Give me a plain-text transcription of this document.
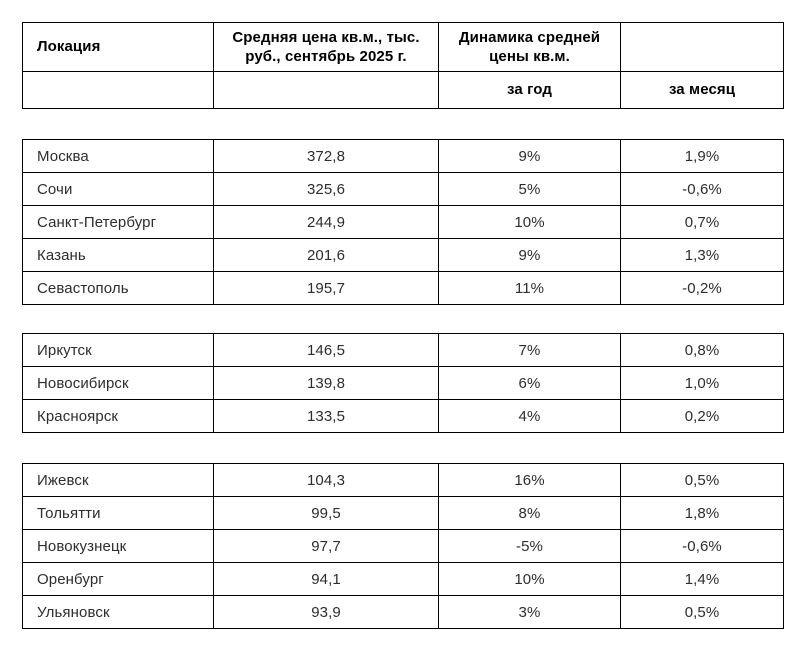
Локация	Средняя цена кв.м., тыс. руб., сентябрь 2025 г.	Динамика средней цены кв.м.	
		за год	за месяц
Москва	372,8	9%	1,9%
Сочи	325,6	5%	-0,6%
Санкт-Петербург	244,9	10%	0,7%
Казань	201,6	9%	1,3%
Севастополь	195,7	11%	-0,2%
Иркутск	146,5	7%	0,8%
Новосибирск	139,8	6%	1,0%
Красноярск	133,5	4%	0,2%
Ижевск	104,3	16%	0,5%
Тольятти	99,5	8%	1,8%
Новокузнецк	97,7	-5%	-0,6%
Оренбург	94,1	10%	1,4%
Ульяновск	93,9	3%	0,5%
